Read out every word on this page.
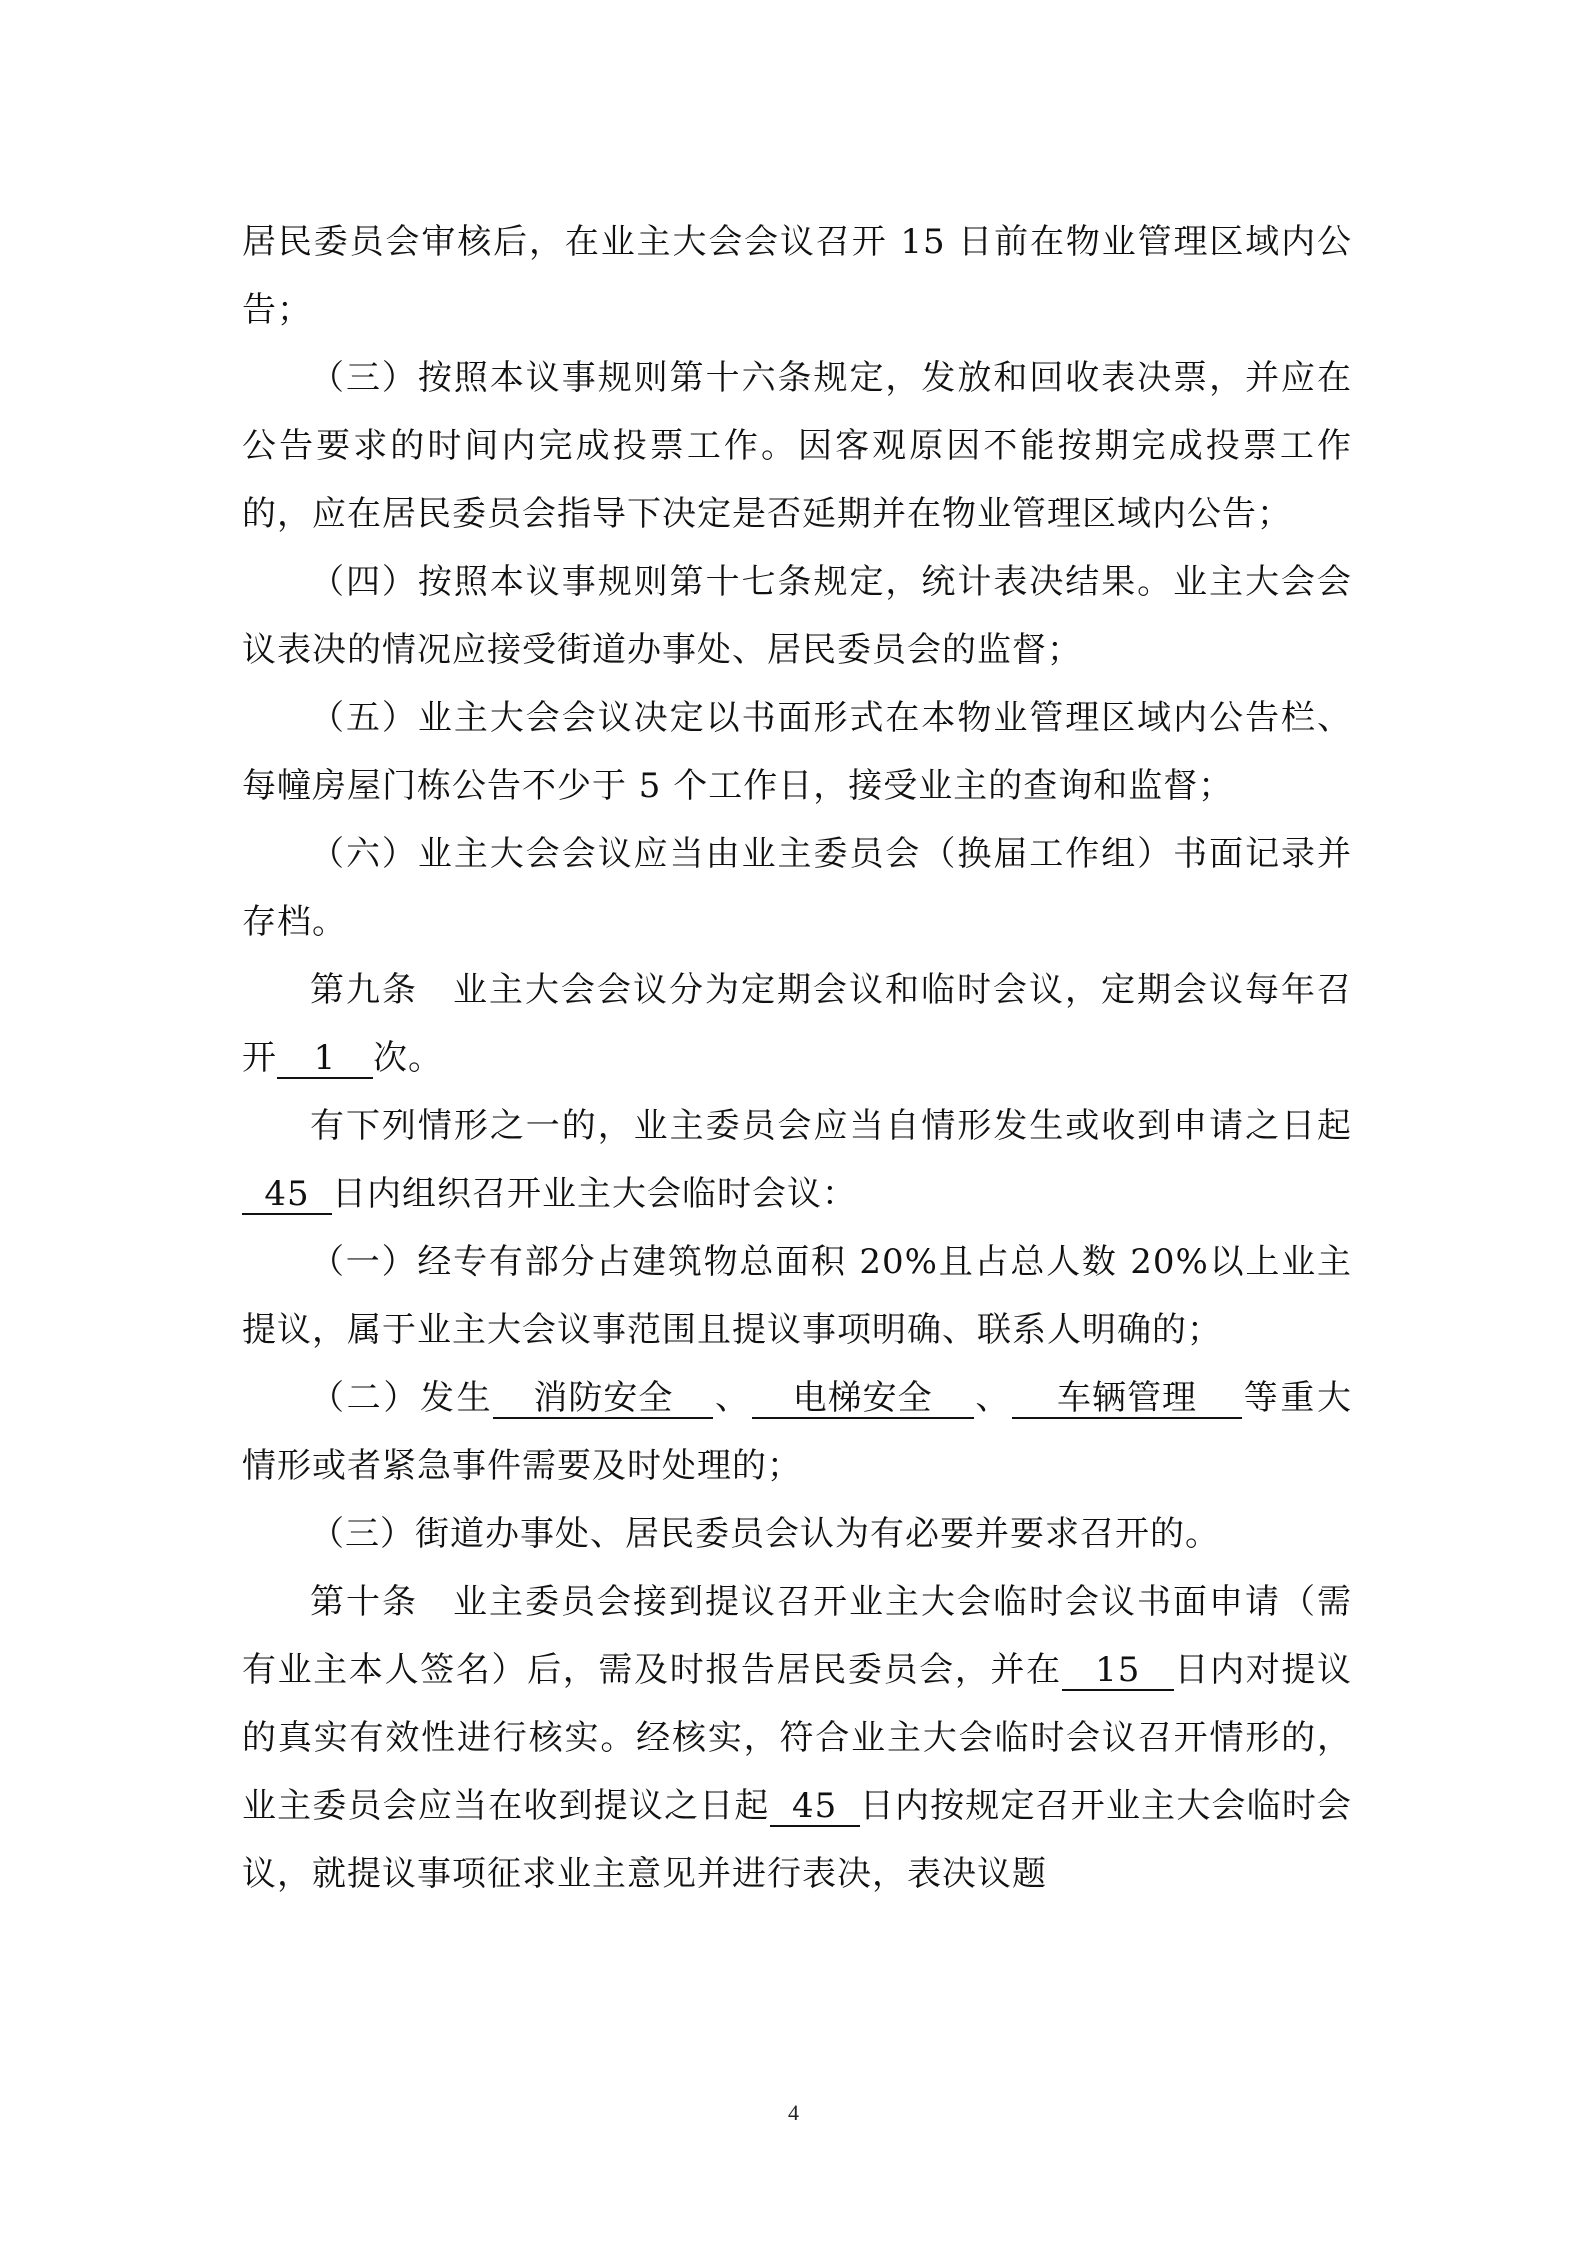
居民委员会审核后，在业主大会会议召开 15 日前在物业管理区域内公告；

（三）按照本议事规则第十六条规定，发放和回收表决票，并应在公告要求的时间内完成投票工作。因客观原因不能按期完成投票工作的，应在居民委员会指导下决定是否延期并在物业管理区域内公告；

（四）按照本议事规则第十七条规定，统计表决结果。业主大会会议表决的情况应接受街道办事处、居民委员会的监督；

（五）业主大会会议决定以书面形式在本物业管理区域内公告栏、每幢房屋门栋公告不少于 5 个工作日，接受业主的查询和监督；

（六）业主大会会议应当由业主委员会（换届工作组）书面记录并存档。

第九条 业主大会会议分为定期会议和临时会议，定期会议每年召开 1 次。

有下列情形之一的，业主委员会应当自情形发生或收到申请之日起45 日内组织召开业主大会临时会议：

（一）经专有部分占建筑物总面积 20%且占总人数 20%以上业主提议，属于业主大会议事范围且提议事项明确、联系人明确的；

（二）发生 消防安全 、 电梯安全 、 车辆管理 等重大情形或者紧急事件需要及时处理的；

（三）街道办事处、居民委员会认为有必要并要求召开的。

第十条 业主委员会接到提议召开业主大会临时会议书面申请（需有业主本人签名）后，需及时报告居民委员会，并在 15 日内对提议的真实有效性进行核实。经核实，符合业主大会临时会议召开情形的，业主委员会应当在收到提议之日起 45 日内按规定召开业主大会临时会议，就提议事项征求业主意见并进行表决，表决议题

4
